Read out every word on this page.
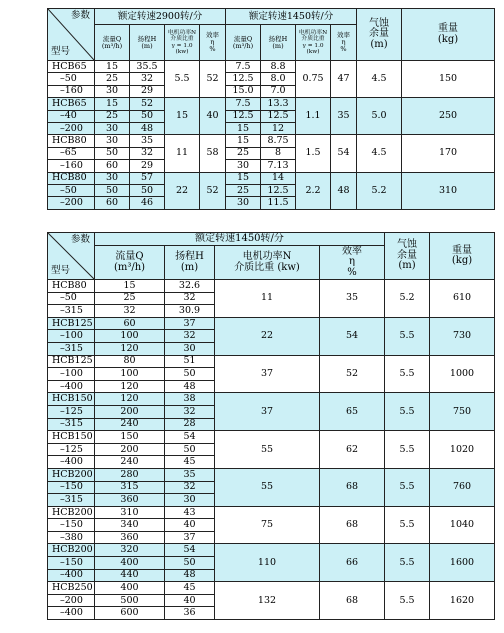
参数
型号	额定转速2900转/分				额定转速1450转/分				气蚀
余量
(m)	重量
(kg)
	流量Q
(m³/h)	扬程H
(m)	电机功率N
介质比重
γ = 1.0
(kw)	效率
η
%	流量Q
(m³/h)	扬程H
(m)	电机功率N
介质比重
γ = 1.0
(kw)	效率
η
%		
HCB65	15	35.5	5.5	52	7.5	8.8	0.75	47	4.5	150
–50	25	32			12.5	8.0				
–160	30	29			15.0	7.0				
HCB65	15	52	15	40	7.5	13.3	1.1	35	5.0	250
–40	25	50			12.5	12.5				
–200	30	48			15	12				
HCB80	30	35	11	58	15	8.75	1.5	54	4.5	170
–65	50	32			25	8				
–160	60	29			30	7.13				
HCB80	30	57	22	52	15	14	2.2	48	5.2	310
–50	50	50			25	12.5				
–200	60	46			30	11.5				
参数
型号	额定转速1450转/分				气蚀
余量
(m)	重量
(kg)
	流量Q
(m³/h)	扬程H
(m)	电机功率N
介质比重 (kw)	效率
η
%		
HCB80	15	32.6	11	35	5.2	610
–50	25	32				
–315	32	30.9				
HCB125	60	37	22	54	5.5	730
–100	100	32				
–315	120	30				
HCB125	80	51	37	52	5.5	1000
–100	100	50				
–400	120	48				
HCB150	120	38	37	65	5.5	750
–125	200	32				
–315	240	28				
HCB150	150	54	55	62	5.5	1020
–125	200	50				
–400	240	45				
HCB200	280	35	55	68	5.5	760
–150	315	32				
–315	360	30				
HCB200	310	43	75	68	5.5	1040
–150	340	40				
–380	360	37				
HCB200	320	54	110	66	5.5	1600
–150	400	50				
–400	440	48				
HCB250	400	45	132	68	5.5	1620
–200	500	40				
–400	600	36				
